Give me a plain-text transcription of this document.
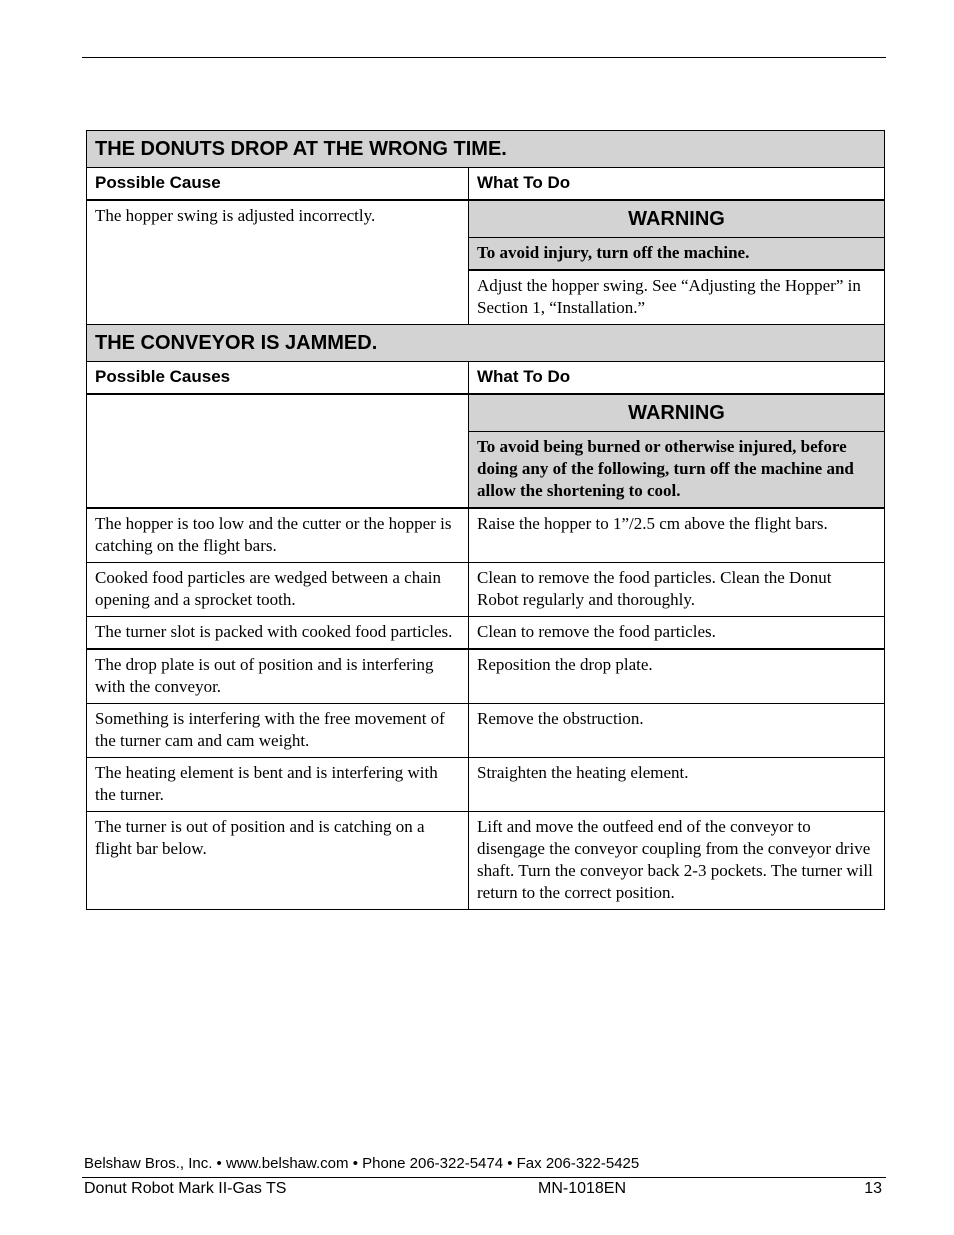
THE DONUTS DROP AT THE WRONG TIME.	
Possible Cause	What To Do
The hopper swing is adjusted incorrectly.	WARNING
	To avoid injury, turn off the machine.
	Adjust the hopper swing. See “Adjusting the Hopper” in Section 1, “Installation.”
THE CONVEYOR IS JAMMED.	
Possible Causes	What To Do
	WARNING
	To avoid being burned or otherwise injured, before doing any of the following, turn off the machine and allow the shortening to cool.
The hopper is too low and the cutter or the hopper is catching on the flight bars.	Raise the hopper to 1”/2.5 cm above the flight bars.
Cooked food particles are wedged between a chain opening and a sprocket tooth.	Clean to remove the food particles. Clean the Donut Robot regularly and thoroughly.
The turner slot is packed with cooked food particles.	Clean to remove the food particles.
The drop plate is out of position and is interfering with the conveyor.	Reposition the drop plate.
Something is interfering with the free movement of the turner cam and cam weight.	Remove the obstruction.
The heating element is bent and is interfering with the turner.	Straighten the heating element.
The turner is out of position and is catching on a flight bar below.	Lift and move the outfeed end of the conveyor to disengage the conveyor coupling from the conveyor drive shaft. Turn the conveyor back 2-3 pockets. The turner will return to the correct position.
Belshaw Bros., Inc. • www.belshaw.com • Phone 206-322-5474 • Fax 206-322-5425
Donut Robot Mark II-Gas TS	MN-1018EN	13
